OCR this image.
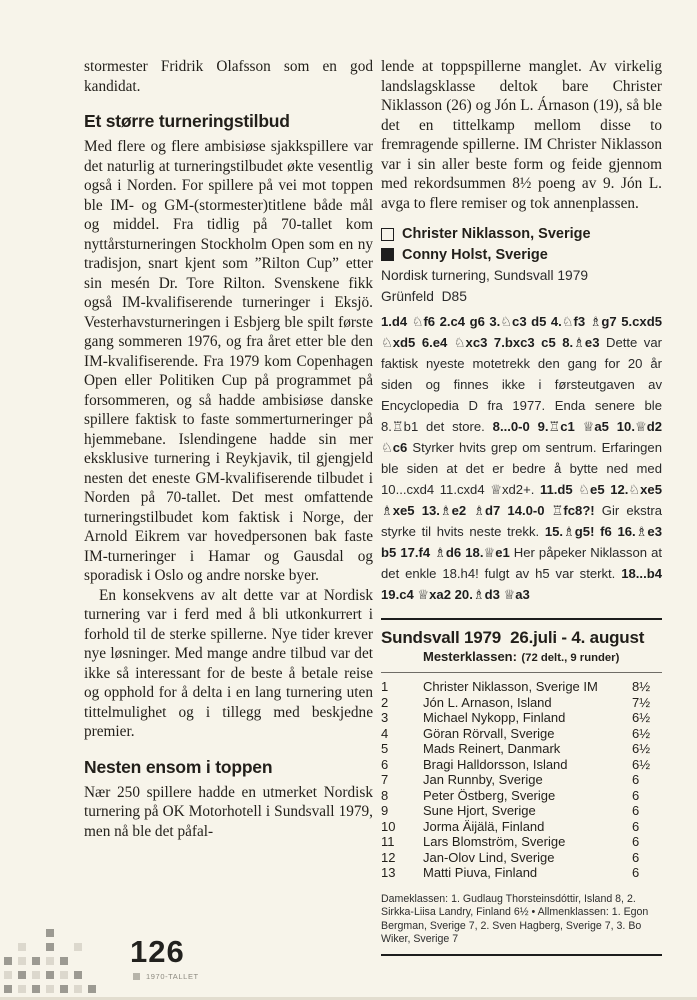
stormester Fridrik Olafsson som en god kandidat.

Et større turneringstilbud

Med flere og flere ambisiøse sjakkspillere var det naturlig at turneringstilbudet økte vesentlig også i Norden. For spillere på vei mot toppen ble IM- og GM-(stormester)titlene både mål og middel. Fra tidlig på 70-tallet kom nyttårsturneringen Stockholm Open som en ny tradisjon, snart kjent som ”Rilton Cup” etter sin mesén Dr. Tore Rilton. Svenskene fikk også IM-kvalifiserende turneringer i Eksjö. Vesterhavsturneringen i Esbjerg ble spilt første gang sommeren 1976, og fra året etter ble den IM-kvalifiserende. Fra 1979 kom Copenhagen Open eller Politiken Cup på programmet på forsommeren, og så hadde ambisiøse danske spillere faktisk to faste sommerturneringer på hjemmebane. Islendingene hadde sin mer eksklusive turnering i Reykjavik, til gjengjeld nesten det eneste GM-kvalifiserende tilbudet i Norden på 70-tallet. Det mest omfattende turneringstilbudet kom faktisk i Norge, der Arnold Eikrem var hovedpersonen bak faste IM-turneringer i Hamar og Gausdal og sporadisk i Oslo og andre norske byer.

En konsekvens av alt dette var at Nordisk turnering var i ferd med å bli utkonkurrert i forhold til de sterke spillerne. Nye tider krever nye løsninger. Med mange andre tilbud var det ikke så interessant for de beste å betale reise og opphold for å delta i en lang turnering uten tittelmulighet og i tillegg med beskjedne premier.

Nesten ensom i toppen

Nær 250 spillere hadde en utmerket Nordisk turnering på OK Motorhotell i Sundsvall 1979, men nå ble det påfal-

lende at toppspillerne manglet. Av virkelig landslagsklasse deltok bare Christer Niklasson (26) og Jón L. Árnason (19), så ble det en tittelkamp mellom disse to fremragende spillerne. IM Christer Niklasson var i sin aller beste form og feide gjennom med rekordsummen 8½ poeng av 9. Jón L. avga to flere remiser og tok annenplassen.

Christer Niklasson, Sverige
Conny Holst, Sverige
Nordisk turnering, Sundsvall 1979
Grünfeld  D85

1.d4 ♘f6 2.c4 g6 3.♘c3 d5 4.♘f3 ♗g7 5.cxd5 ♘xd5 6.e4 ♘xc3 7.bxc3 c5 8.♗e3 Dette var faktisk nyeste motetrekk den gang for 20 år siden og finnes ikke i førsteutgaven av Encyclopedia D fra 1977. Enda senere ble 8.♖b1 det store. 8...0-0 9.♖c1 ♕a5 10.♕d2 ♘c6 Styrker hvits grep om sentrum. Erfaringen ble siden at det er bedre å bytte ned med 10...cxd4 11.cxd4 ♕xd2+. 11.d5 ♘e5 12.♘xe5 ♗xe5 13.♗e2 ♗d7 14.0-0 ♖fc8?! Gir ekstra styrke til hvits neste trekk. 15.♗g5! f6 16.♗e3 b5 17.f4 ♗d6 18.♕e1 Her påpeker Niklasson at det enkle 18.h4! fulgt av h5 var sterkt. 18...b4 19.c4 ♕xa2 20.♗d3 ♕a3

Sundsvall 1979  26.juli - 4. august
Mesterklassen: (72 delt., 9 runder)
1	Christer Niklasson, Sverige IM	8½
2	Jón L. Arnason, Island	7½
3	Michael Nykopp, Finland	6½
4	Göran Rörvall, Sverige	6½
5	Mads Reinert, Danmark	6½
6	Bragi Halldorsson, Island	6½
7	Jan Runnby, Sverige	6
8	Peter Östberg, Sverige	6
9	Sune Hjort, Sverige	6
10	Jorma Äijälä, Finland	6
11	Lars Blomström, Sverige	6
12	Jan-Olov Lind, Sverige	6
13	Matti Piuva, Finland	6

Dameklassen: 1. Gudlaug Thorsteinsdóttir, Island 8, 2. Sirkka-Liisa Landry, Finland 6½ • Allmenklassen: 1. Egon Bergman, Sverige 7, 2. Sven Hagberg, Sverige 7, 3. Bo Wiker, Sverige 7

126
1970-TALLET
